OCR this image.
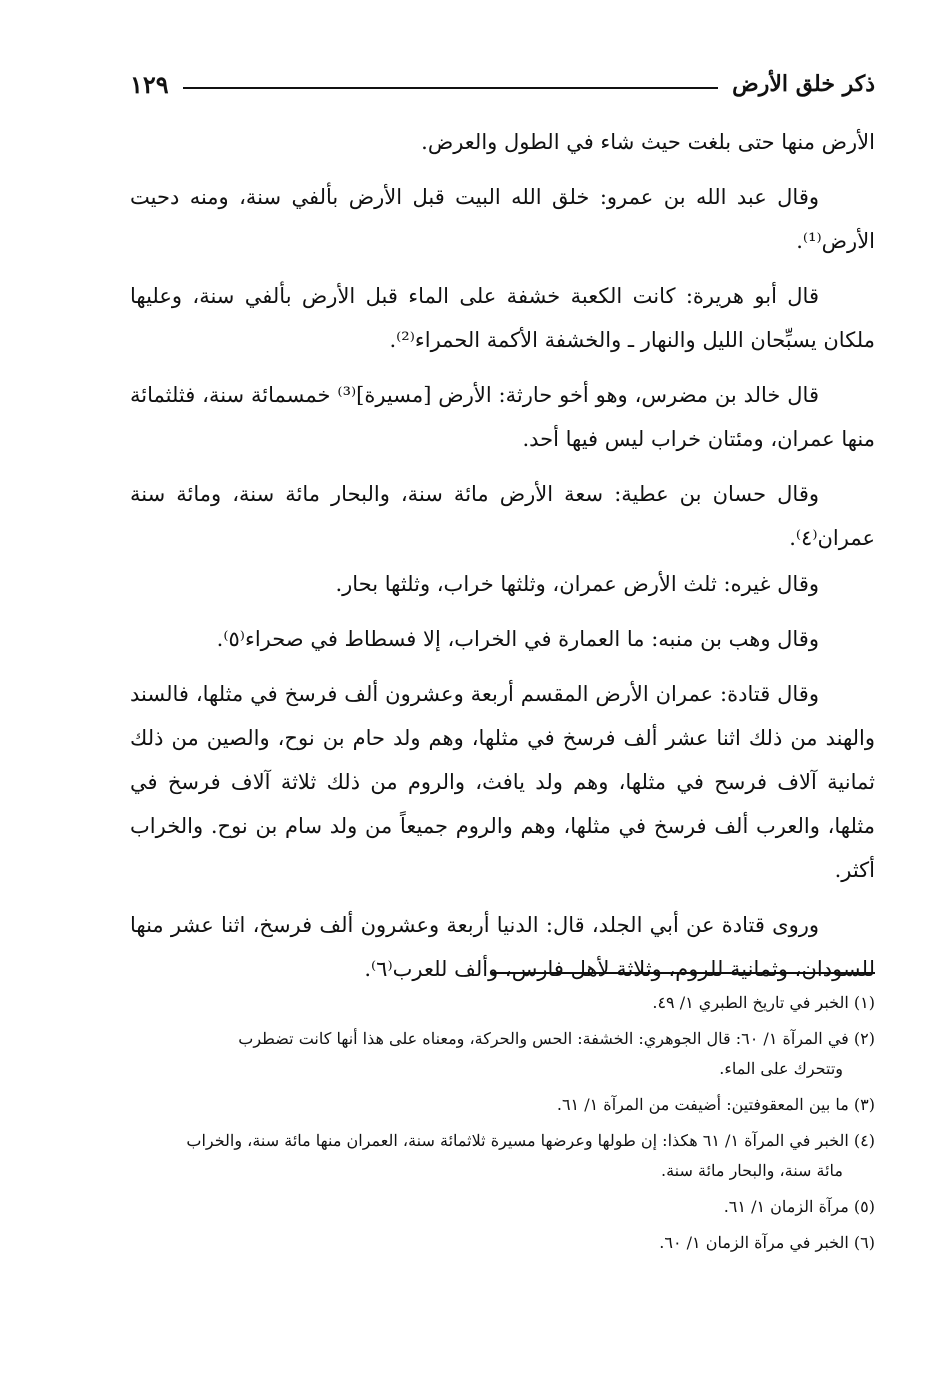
ذكر خلق الأرض
١٢٩

الأرض منها حتى بلغت حيث شاء في الطول والعرض.

وقال عبد الله بن عمرو: خلق الله البيت قبل الأرض بألفي سنة، ومنه دحيت الأرض⁽¹⁾.

قال أبو هريرة: كانت الكعبة خشفة على الماء قبل الأرض بألفي سنة، وعليها ملكان يسبِّحان الليل والنهار ـ والخشفة الأكمة الحمراء⁽²⁾.

قال خالد بن مضرس، وهو أخو حارثة: الأرض [مسيرة]⁽³⁾ خمسمائة سنة، فثلثمائة منها عمران، ومئتان خراب ليس فيها أحد.

وقال حسان بن عطية: سعة الأرض مائة سنة، والبحار مائة سنة، ومائة سنة عمران⁽٤⁾.

وقال غيره: ثلث الأرض عمران، وثلثها خراب، وثلثها بحار.

وقال وهب بن منبه: ما العمارة في الخراب، إلا فسطاط في صحراء⁽٥⁾.

وقال قتادة: عمران الأرض المقسم أربعة وعشرون ألف فرسخ في مثلها، فالسند والهند من ذلك اثنا عشر ألف فرسخ في مثلها، وهم ولد حام بن نوح، والصين من ذلك ثمانية آلاف فرسح في مثلها، وهم ولد يافث، والروم من ذلك ثلاثة آلاف فرسخ في مثلها، والعرب ألف فرسخ في مثلها، وهم والروم جميعاً من ولد سام بن نوح. والخراب أكثر.

وروى قتادة عن أبي الجلد، قال: الدنيا أربعة وعشرون ألف فرسخ، اثنا عشر منها للسودان، وثمانية للروم، وثلاثة لأهل فارس، وألف للعرب⁽٦⁾.

(١) الخبر في تاريخ الطبري ١/ ٤٩.

(٢) في المرآة ١/ ٦٠: قال الجوهري: الخشفة: الحس والحركة، ومعناه على هذا أنها كانت تضطرب
وتتحرك على الماء.

(٣) ما بين المعقوفتين: أضيفت من المرآة ١/ ٦١.

(٤) الخبر في المرآة ١/ ٦١ هكذا: إن طولها وعرضها مسيرة ثلاثمائة سنة، العمران منها مائة سنة، والخراب
مائة سنة، والبحار مائة سنة.

(٥) مرآة الزمان ١/ ٦١.

(٦) الخبر في مرآة الزمان ١/ ٦٠.
